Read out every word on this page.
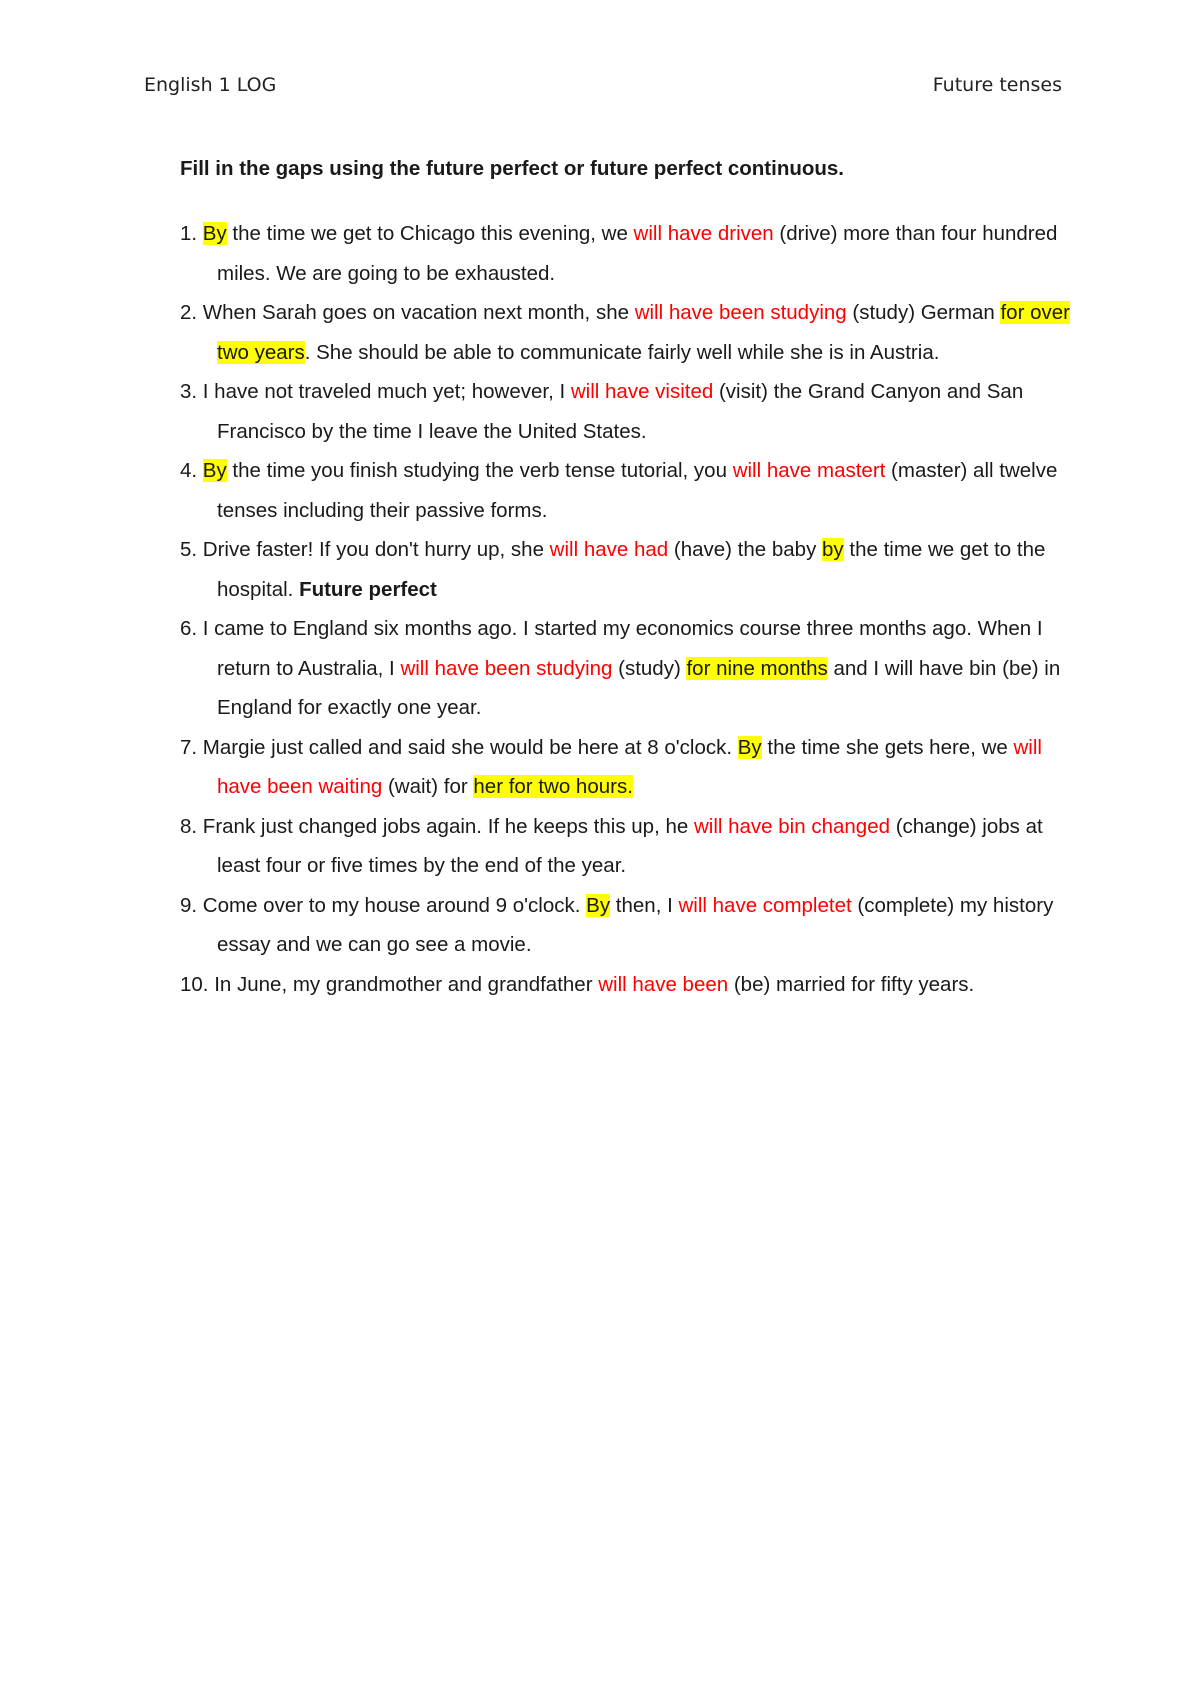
English 1 LOG	Future tenses

Fill in the gaps using the future perfect or future perfect continuous.

1. By the time we get to Chicago this evening, we will have driven (drive) more than four hundred miles. We are going to be exhausted.
2. When Sarah goes on vacation next month, she will have been studying (study) German for over two years. She should be able to communicate fairly well while she is in Austria.
3. I have not traveled much yet; however, I will have visited (visit) the Grand Canyon and San Francisco by the time I leave the United States.
4. By the time you finish studying the verb tense tutorial, you will have mastert (master) all twelve tenses including their passive forms.
5. Drive faster! If you don't hurry up, she will have had (have) the baby by the time we get to the hospital. Future perfect
6. I came to England six months ago. I started my economics course three months ago. When I return to Australia, I will have been studying (study) for nine months and I will have bin (be) in England for exactly one year.
7. Margie just called and said she would be here at 8 o'clock. By the time she gets here, we will have been waiting (wait) for her for two hours.
8. Frank just changed jobs again. If he keeps this up, he will have bin changed (change) jobs at least four or five times by the end of the year.
9. Come over to my house around 9 o'clock. By then, I will have completet (complete) my history essay and we can go see a movie.
10. In June, my grandmother and grandfather will have been (be) married for fifty years.
